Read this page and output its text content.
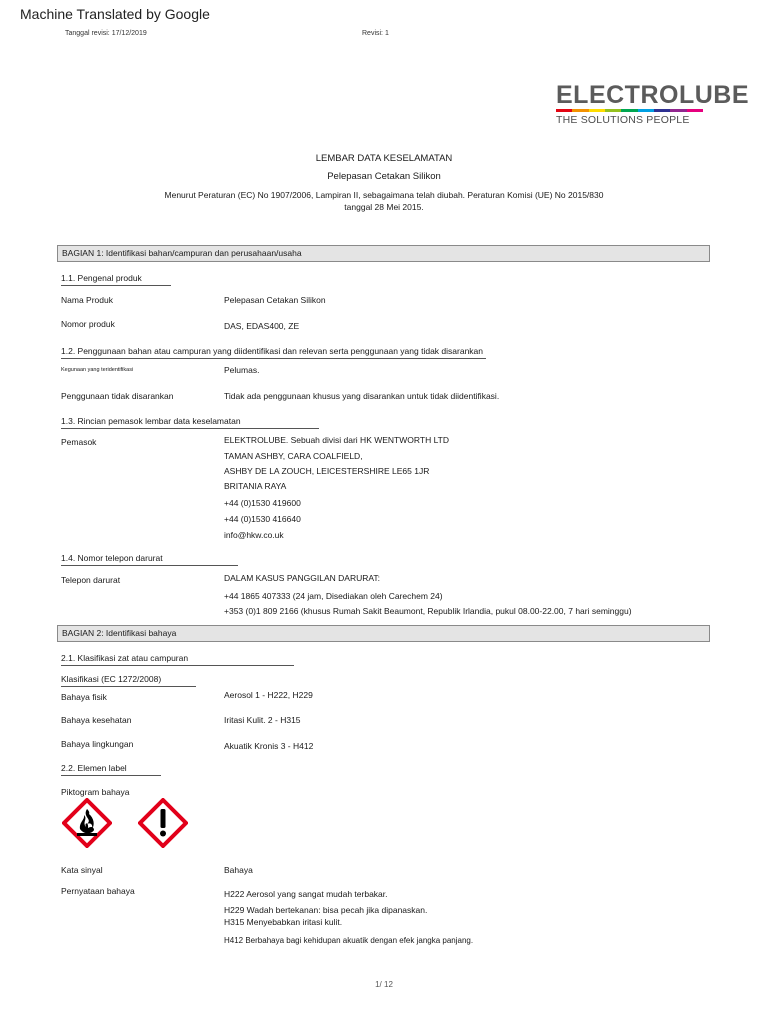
Machine Translated by Google
Tanggal revisi: 17/12/2019	Revisi: 1
ELECTROLUBE
THE SOLUTIONS PEOPLE
LEMBAR DATA KESELAMATAN
Pelepasan Cetakan Silikon
Menurut Peraturan (EC) No 1907/2006, Lampiran II, sebagaimana telah diubah. Peraturan Komisi (UE) No 2015/830
tanggal 28 Mei 2015.
BAGIAN 1: Identifikasi bahan/campuran dan perusahaan/usaha
1.1. Pengenal produk
Nama Produk	Pelepasan Cetakan Silikon
Nomor produk	DAS, EDAS400, ZE
1.2. Penggunaan bahan atau campuran yang diidentifikasi dan relevan serta penggunaan yang tidak disarankan
Kegunaan yang teridentifikasi	Pelumas.
Penggunaan tidak disarankan	Tidak ada penggunaan khusus yang disarankan untuk tidak diidentifikasi.
1.3. Rincian pemasok lembar data keselamatan
Pemasok	ELEKTROLUBE. Sebuah divisi dari HK WENTWORTH LTD
TAMAN ASHBY, CARA COALFIELD,
ASHBY DE LA ZOUCH, LEICESTERSHIRE LE65 1JR
BRITANIA RAYA
+44 (0)1530 419600
+44 (0)1530 416640
info@hkw.co.uk
1.4. Nomor telepon darurat
Telepon darurat	DALAM KASUS PANGGILAN DARURAT:
+44 1865 407333 (24 jam, Disediakan oleh Carechem 24)
+353 (0)1 809 2166 (khusus Rumah Sakit Beaumont, Republik Irlandia, pukul 08.00-22.00, 7 hari seminggu)
BAGIAN 2: Identifikasi bahaya
2.1. Klasifikasi zat atau campuran
Klasifikasi (EC 1272/2008)
Bahaya fisik	Aerosol 1 - H222, H229
Bahaya kesehatan	Iritasi Kulit. 2 - H315
Bahaya lingkungan	Akuatik Kronis 3 - H412
2.2. Elemen label
Piktogram bahaya
Kata sinyal	Bahaya
Pernyataan bahaya	H222 Aerosol yang sangat mudah terbakar.
H229 Wadah bertekanan: bisa pecah jika dipanaskan.
H315 Menyebabkan iritasi kulit.
H412 Berbahaya bagi kehidupan akuatik dengan efek jangka panjang.
1/ 12
